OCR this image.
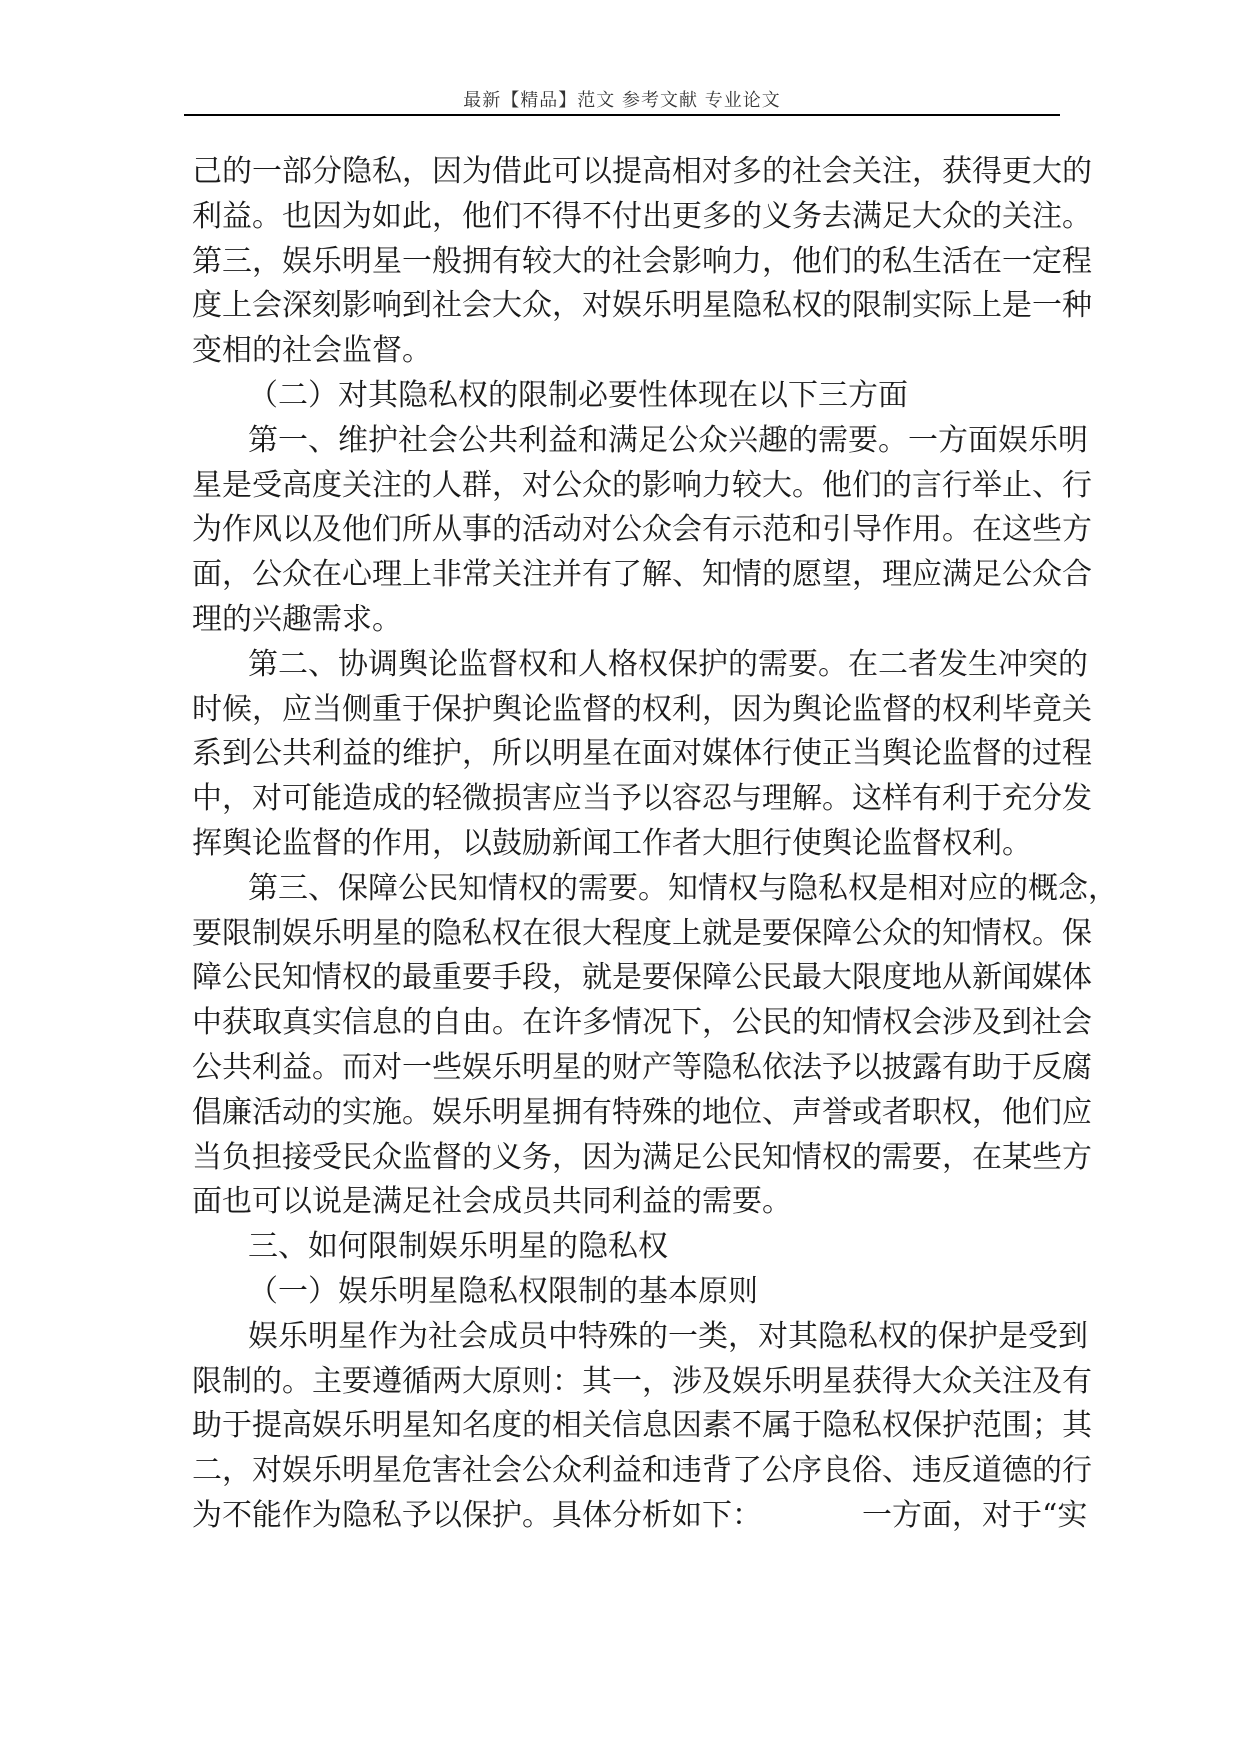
最新【精品】范文 参考文献 专业论文
己的一部分隐私，因为借此可以提高相对多的社会关注，获得更大的
利益。也因为如此，他们不得不付出更多的义务去满足大众的关注。
第三，娱乐明星一般拥有较大的社会影响力，他们的私生活在一定程
度上会深刻影响到社会大众，对娱乐明星隐私权的限制实际上是一种
变相的社会监督。
（二）对其隐私权的限制必要性体现在以下三方面
第一、维护社会公共利益和满足公众兴趣的需要。一方面娱乐明
星是受高度关注的人群，对公众的影响力较大。他们的言行举止、行
为作风以及他们所从事的活动对公众会有示范和引导作用。在这些方
面，公众在心理上非常关注并有了解、知情的愿望，理应满足公众合
理的兴趣需求。
第二、协调舆论监督权和人格权保护的需要。在二者发生冲突的
时候，应当侧重于保护舆论监督的权利，因为舆论监督的权利毕竟关
系到公共利益的维护，所以明星在面对媒体行使正当舆论监督的过程
中，对可能造成的轻微损害应当予以容忍与理解。这样有利于充分发
挥舆论监督的作用，以鼓励新闻工作者大胆行使舆论监督权利。
第三、保障公民知情权的需要。知情权与隐私权是相对应的概念，
要限制娱乐明星的隐私权在很大程度上就是要保障公众的知情权。保
障公民知情权的最重要手段，就是要保障公民最大限度地从新闻媒体
中获取真实信息的自由。在许多情况下，公民的知情权会涉及到社会
公共利益。而对一些娱乐明星的财产等隐私依法予以披露有助于反腐
倡廉活动的实施。娱乐明星拥有特殊的地位、声誉或者职权，他们应
当负担接受民众监督的义务，因为满足公民知情权的需要，在某些方
面也可以说是满足社会成员共同利益的需要。
三、如何限制娱乐明星的隐私权
（一）娱乐明星隐私权限制的基本原则
娱乐明星作为社会成员中特殊的一类，对其隐私权的保护是受到
限制的。主要遵循两大原则：其一，涉及娱乐明星获得大众关注及有
助于提高娱乐明星知名度的相关信息因素不属于隐私权保护范围；其
二，对娱乐明星危害社会公众利益和违背了公序良俗、违反道德的行
为不能作为隐私予以保护。具体分析如下：	一方面，对于“实
